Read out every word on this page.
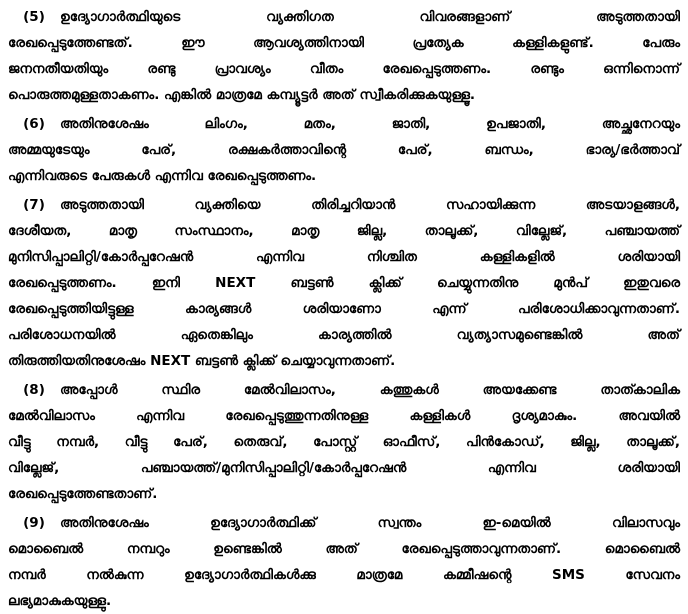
(5) ഉദ്യോഗാർത്ഥിയുടെ വ്യക്തിഗത വിവരങ്ങളാണ് അടുത്തതായി
രേഖപ്പെടുത്തേണ്ടത്. ഈ ആവശ്യത്തിനായി പ്രത്യേക കള്ളികളുണ്ട്. പേരും
ജനനതീയതിയും രണ്ടു പ്രാവശ്യം വീതം രേഖപ്പെടുത്തണം. രണ്ടും ഒന്നിനൊന്ന്
പൊരുത്തമുള്ളതാകണം. എങ്കിൽ മാത്രമേ കമ്പ്യൂട്ടർ അത് സ്വീകരിക്കുകയുള്ളൂ.
(6) അതിനുശേഷം ലിംഗം, മതം, ജാതി, ഉപജാതി, അച്ഛനേറയും
അമ്മയുടേയും പേര്, രക്ഷകർത്താവിന്റെ പേര്, ബന്ധം, ഭാര്യ/ഭർത്താവ്
എന്നിവരുടെ പേരുകൾ എന്നിവ രേഖപ്പെടുത്തണം.
(7) അടുത്തതായി വ്യക്തിയെ തിരിച്ചറിയാൻ സഹായിക്കുന്ന അടയാളങ്ങൾ,
ദേശീയത, മാതൃ സംസ്ഥാനം, മാതൃ ജില്ല, താലൂക്ക്, വില്ലേജ്, പഞ്ചായത്ത്
മുനിസിപ്പാലിറ്റി/കോർപ്പറേഷൻ എന്നിവ നിശ്ചിത കള്ളികളിൽ ശരിയായി
രേഖപ്പെടുത്തണം. ഇനി NEXT ബട്ടൺ ക്ലിക്ക് ചെയ്യുന്നതിനു മുൻപ് ഇതുവരെ
രേഖപ്പെടുത്തിയിട്ടുള്ള കാര്യങ്ങൾ ശരിയാണോ എന്ന് പരിശോധിക്കാവുന്നതാണ്.
പരിശോധനയിൽ ഏതെങ്കിലും കാര്യത്തിൽ വ്യത്യാസമുണ്ടെങ്കിൽ അത്
തിരുത്തിയതിനുശേഷം NEXT ബട്ടൺ ക്ലിക്ക് ചെയ്യാവുന്നതാണ്.
(8) അപ്പോൾ സ്ഥിര മേൽവിലാസം, കത്തുകൾ അയക്കേണ്ട താത്കാലിക
മേൽവിലാസം എന്നിവ രേഖപ്പെടുത്തുന്നതിനുള്ള കള്ളികൾ ദൃശ്യമാകും. അവയിൽ
വീട്ടു നമ്പർ, വീട്ടു പേര്, തെരുവ്, പോസ്റ്റ് ഓഫീസ്, പിൻകോഡ്, ജില്ല, താലൂക്ക്,
വില്ലേജ്, പഞ്ചായത്ത്/മുനിസിപ്പാലിറ്റി/കോർപ്പറേഷൻ എന്നിവ ശരിയായി
രേഖപ്പെടുത്തേണ്ടതാണ്.
(9) അതിനുശേഷം ഉദ്യോഗാർത്ഥിക്ക് സ്വന്തം ഇ-മെയിൽ വിലാസവും
മൊബൈൽ നമ്പറും ഉണ്ടെങ്കിൽ അത് രേഖപ്പെടുത്താവുന്നതാണ്. മൊബൈൽ
നമ്പർ നൽകുന്ന ഉദ്യോഗാർത്ഥികൾക്കു മാത്രമേ കമ്മീഷന്റെ SMS സേവനം
ലഭ്യമാകുകയുള്ളു.
